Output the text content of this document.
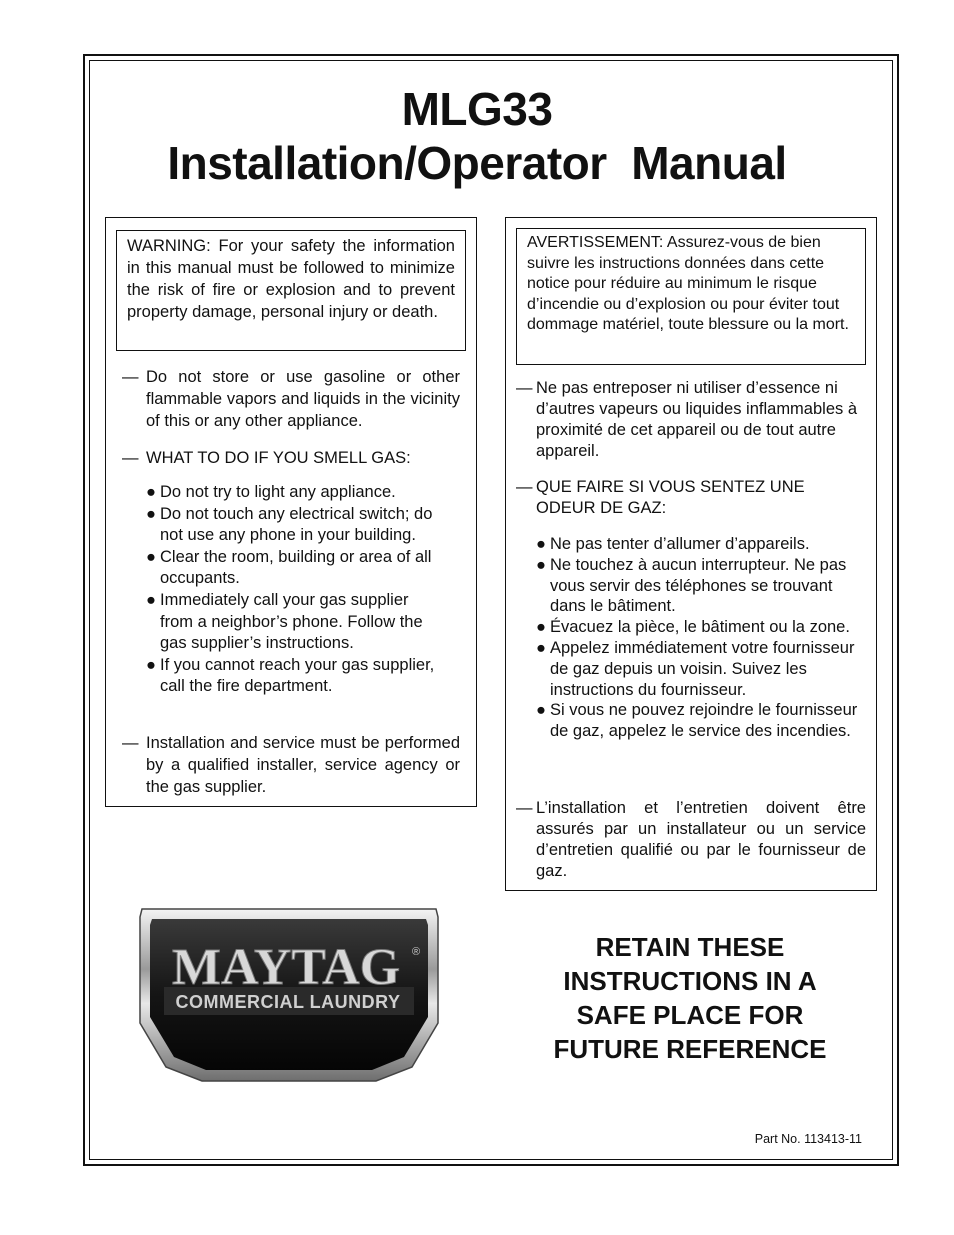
MLG33
Installation/Operator  Manual
WARNING: For your safety the information in this manual must be followed to minimize the risk of fire or explosion and to prevent property damage, personal injury or death.
— Do not store or use gasoline or other flammable vapors and liquids in the vicinity of this or any other appliance.
— WHAT TO DO IF YOU SMELL GAS:
● Do not try to light any appliance.
● Do not touch any electrical switch; do not use any phone in your building.
● Clear the room, building or area of all occupants.
● Immediately call your gas supplier from a neighbor’s phone. Follow the gas supplier’s instructions.
● If you cannot reach your gas supplier, call the fire department.
— Installation and service must be performed by a qualified installer, service agency or the gas supplier.
AVERTISSEMENT: Assurez-vous de bien suivre les instructions données dans cette notice pour réduire au minimum le risque d’incendie ou d’explosion ou pour éviter tout dommage matériel, toute blessure ou la mort.
— Ne pas entreposer ni utiliser d’essence ni d’autres vapeurs ou liquides inflammables à proximité de cet appareil ou de tout autre appareil.
— QUE FAIRE SI VOUS SENTEZ UNE ODEUR DE GAZ:
● Ne pas tenter d’allumer d’appareils.
● Ne touchez à aucun interrupteur. Ne pas vous servir des téléphones se trouvant dans le bâtiment.
● Évacuez la pièce, le bâtiment ou la zone.
● Appelez immédiatement votre fournisseur de gaz depuis un voisin. Suivez les instructions du fournisseur.
● Si vous ne pouvez rejoindre le fournisseur de gaz, appelez le service des incendies.
— L’installation et l’entretien doivent être assurés par un installateur ou un service d’entretien qualifié ou par le fournisseur de gaz.
MAYTAG ®
COMMERCIAL LAUNDRY
RETAIN THESE
INSTRUCTIONS IN A
SAFE PLACE FOR
FUTURE REFERENCE
Part No. 113413-11
